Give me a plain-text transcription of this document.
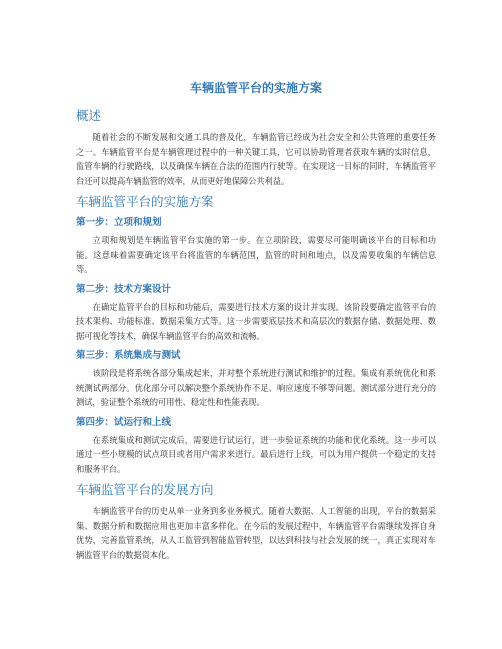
车辆监管平台的实施方案
概述

随着社会的不断发展和交通工具的普及化，车辆监管已经成为社会安全和公共管理的重要任务之一。车辆监管平台是车辆管理过程中的一种关键工具，它可以协助管理者获取车辆的实时信息，监管车辆的行驶路线，以及确保车辆在合法的范围内行驶等。在实现这一目标的同时，车辆监管平台还可以提高车辆监管的效率，从而更好地保障公共利益。

车辆监管平台的实施方案
第一步：立项和规划

立项和规划是车辆监管平台实施的第一步。在立项阶段，需要尽可能明确该平台的目标和功能。这意味着需要确定该平台将监管的车辆范围，监管的时间和地点，以及需要收集的车辆信息等。

第二步：技术方案设计

在确定监管平台的目标和功能后，需要进行技术方案的设计并实现。该阶段要确定监管平台的技术架构、功能标准、数据采集方式等。这一步需要底层技术和高层次的数据存储、数据处理、数据可视化等技术，确保车辆监管平台的高效和流畅。

第三步：系统集成与测试

该阶段是将系统各部分集成起来，并对整个系统进行测试和维护的过程。集成有系统优化和系统测试两部分。优化部分可以解决整个系统协作不足、响应速度不够等问题。测试部分进行充分的测试，验证整个系统的可用性、稳定性和性能表现。

第四步：试运行和上线

在系统集成和测试完成后，需要进行试运行，进一步验证系统的功能和优化系统。这一步可以通过一些小规模的试点项目或者用户需求来进行。最后进行上线，可以为用户提供一个稳定的支持和服务平台。

车辆监管平台的发展方向

车辆监管平台的历史从单一业务到多业务模式。随着大数据、人工智能的出现，平台的数据采集、数据分析和数据应用也更加丰富多样化。在今后的发展过程中，车辆监管平台需继续发挥自身优势，完善监管系统，从人工监管到智能监管转型，以达到科技与社会发展的统一，真正实现对车辆监管平台的数据资本化。
